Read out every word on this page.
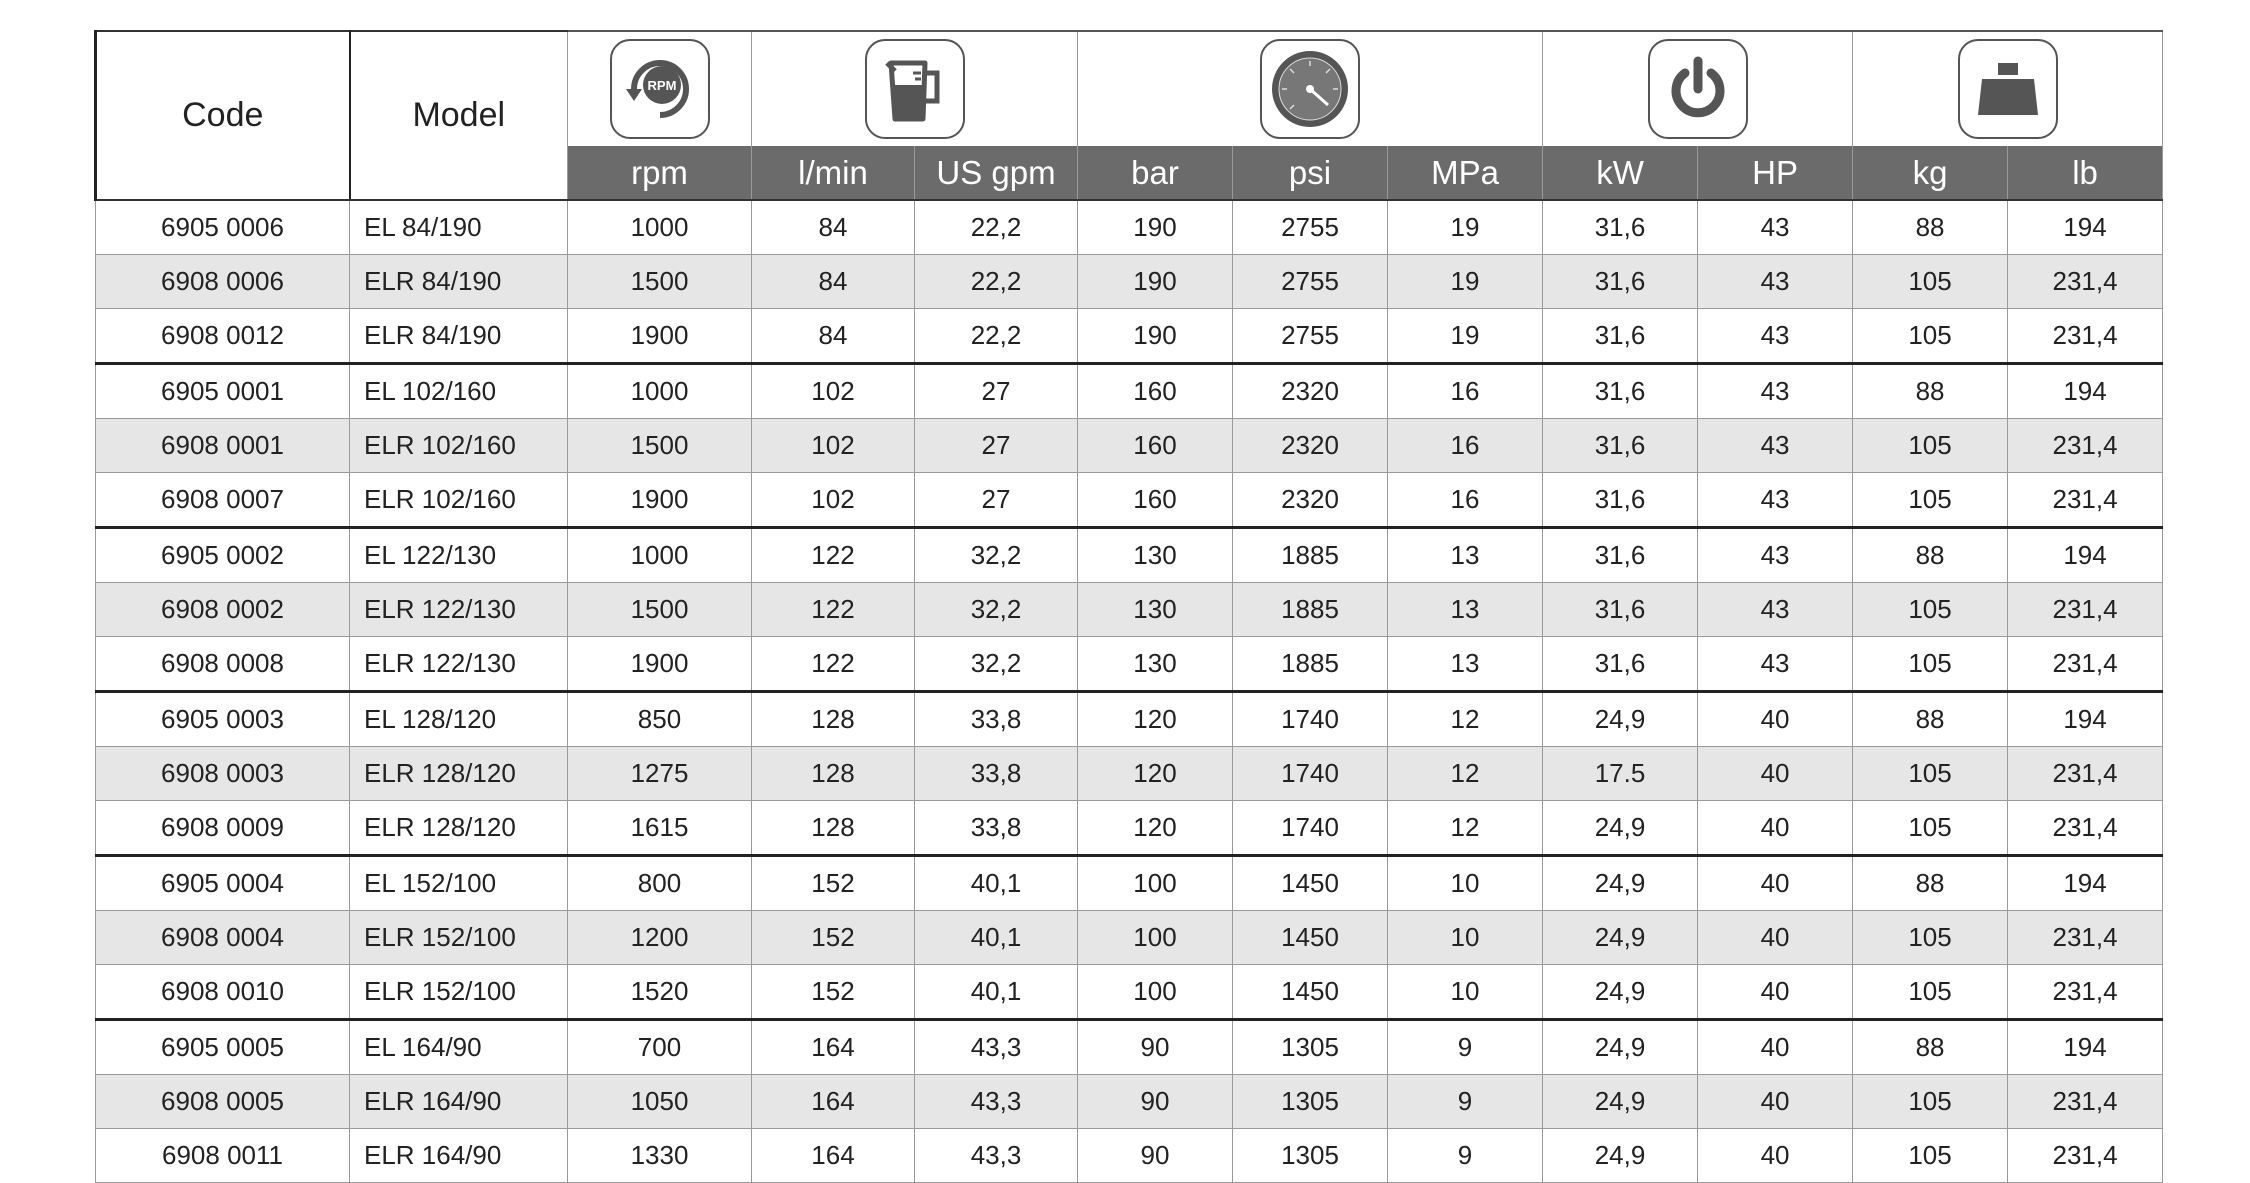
Code	Model	RPM

		rpm	l/min	US gpm	bar	psi	MPa	kW	HP	kg	lb
6905 0006	EL 84/190	1000	84	22,2	190	2755	19	31,6	43	88	194
6908 0006	ELR 84/190	1500	84	22,2	190	2755	19	31,6	43	105	231,4
6908 0012	ELR 84/190	1900	84	22,2	190	2755	19	31,6	43	105	231,4
6905 0001	EL 102/160	1000	102	27	160	2320	16	31,6	43	88	194
6908 0001	ELR 102/160	1500	102	27	160	2320	16	31,6	43	105	231,4
6908 0007	ELR 102/160	1900	102	27	160	2320	16	31,6	43	105	231,4
6905 0002	EL 122/130	1000	122	32,2	130	1885	13	31,6	43	88	194
6908 0002	ELR 122/130	1500	122	32,2	130	1885	13	31,6	43	105	231,4
6908 0008	ELR 122/130	1900	122	32,2	130	1885	13	31,6	43	105	231,4
6905 0003	EL 128/120	850	128	33,8	120	1740	12	24,9	40	88	194
6908 0003	ELR 128/120	1275	128	33,8	120	1740	12	17.5	40	105	231,4
6908 0009	ELR 128/120	1615	128	33,8	120	1740	12	24,9	40	105	231,4
6905 0004	EL 152/100	800	152	40,1	100	1450	10	24,9	40	88	194
6908 0004	ELR 152/100	1200	152	40,1	100	1450	10	24,9	40	105	231,4
6908 0010	ELR 152/100	1520	152	40,1	100	1450	10	24,9	40	105	231,4
6905 0005	EL 164/90	700	164	43,3	90	1305	9	24,9	40	88	194
6908 0005	ELR 164/90	1050	164	43,3	90	1305	9	24,9	40	105	231,4
6908 0011	ELR 164/90	1330	164	43,3	90	1305	9	24,9	40	105	231,4
